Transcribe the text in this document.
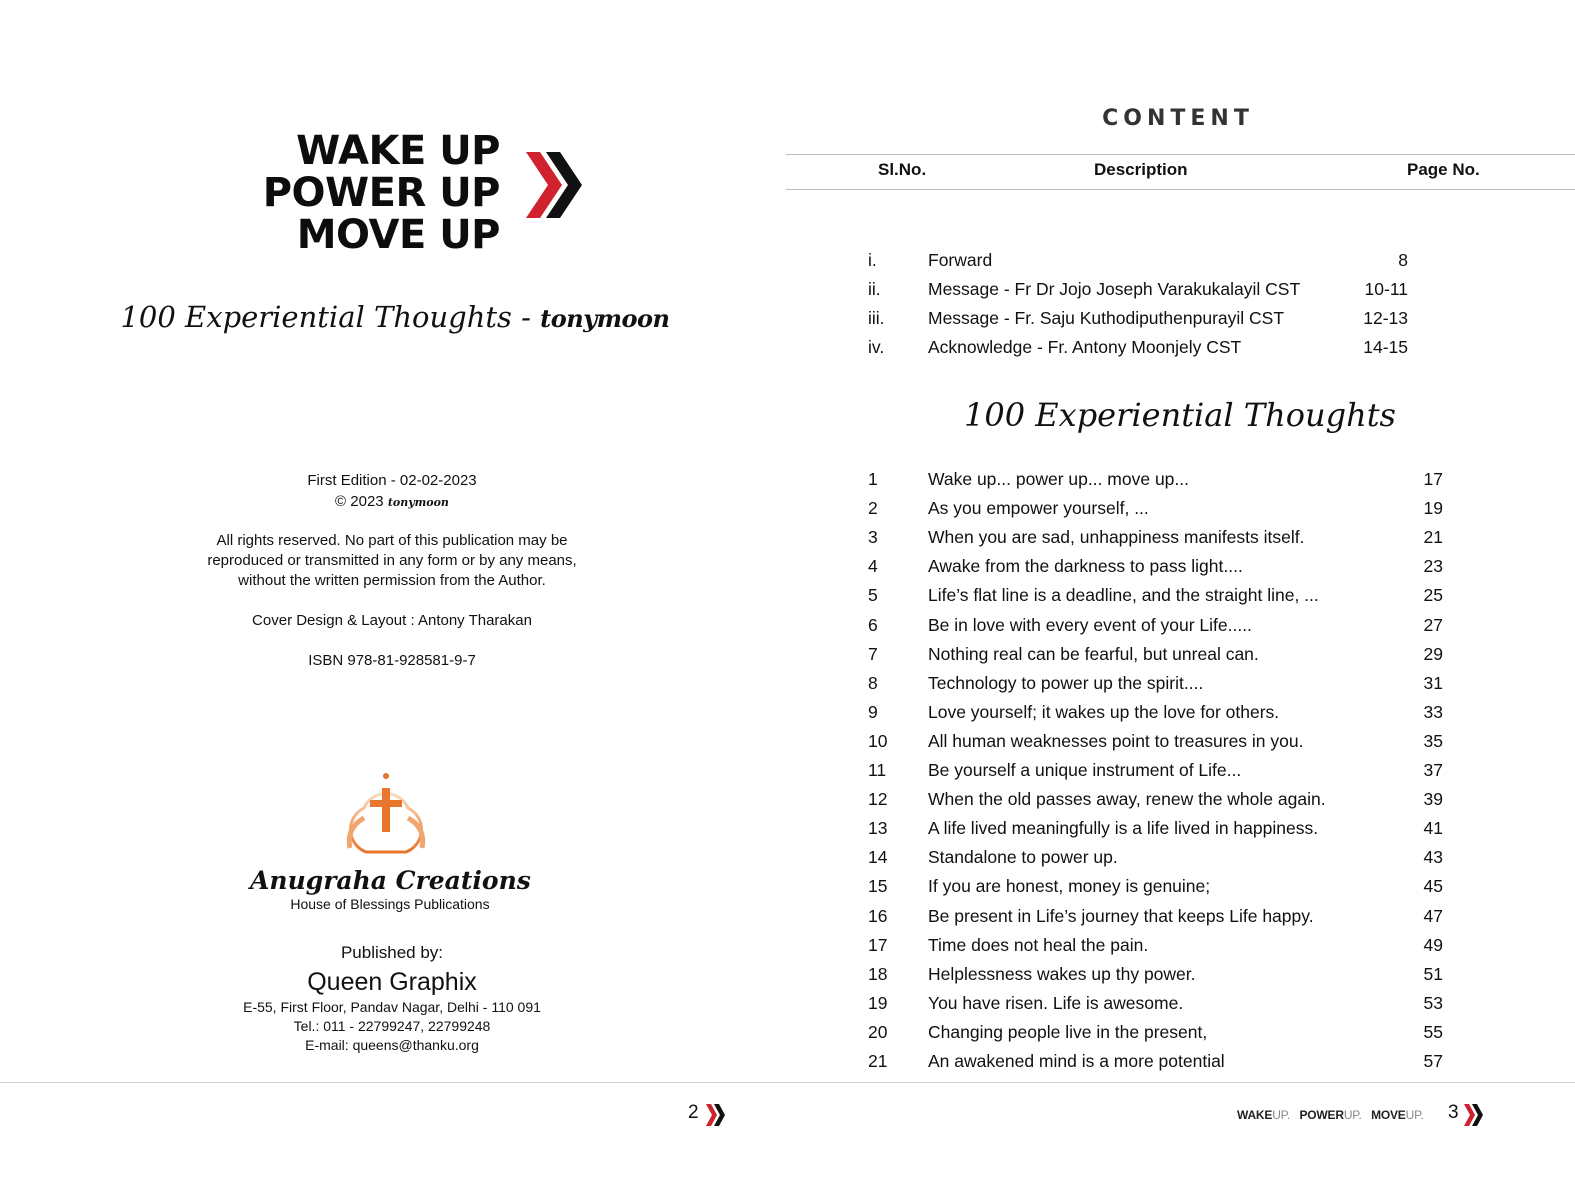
WAKE UP
POWER UP
MOVE UP
100 Experiential Thoughts - tonymoon
First Edition - 02-02-2023
© 2023 tonymoon
All rights reserved. No part of this publication may be
reproduced or transmitted in any form or by any means,
without the written permission from the Author.
Cover Design & Layout : Antony Tharakan
ISBN 978-81-928581-9-7
Anugraha Creations
House of Blessings Publications
Published by:
Queen Graphix
E-55, First Floor, Pandav Nagar, Delhi - 110 091
Tel.: 011 - 22799247, 22799248
E-mail: queens@thanku.org
2
CONTENT
Sl.No.	Description	Page No.
i.	Forward	8
ii.	Message - Fr Dr Jojo Joseph Varakukalayil CST	10-11
iii. Message - Fr. Saju Kuthodiputhenpurayil CST	12-13
iv.	Acknowledge - Fr. Antony Moonjely CST	14-15
100 Experiential Thoughts
1	Wake up... power up... move up...	17
2	As you empower yourself, ...	19
3	When you are sad, unhappiness manifests itself.	21
4	Awake from the darkness to pass light....	23
5	Life’s flat line is a deadline, and the straight line, ...	25
6	Be in love with every event of your Life.....	27
7	Nothing real can be fearful, but unreal can.	29
8	Technology to power up the spirit....	31
9	Love yourself; it wakes up the love for others.	33
10 All human weaknesses point to treasures in you.	35
11 Be yourself a unique instrument of Life...	37
12 When the old passes away, renew the whole again.	39
13 A life lived meaningfully is a life lived in happiness.	41
14 Standalone to power up.	43
15 If you are honest, money is genuine;	45
16 Be present in Life’s journey that keeps Life happy.	47
17 Time does not heal the pain.	49
18 Helplessness wakes up thy power.	51
19 You have risen. Life is awesome.	53
20 Changing people live in the present,	55
21 An awakened mind is a more potential	57
WAKEUP. POWERUP. MOVEUP. 3
